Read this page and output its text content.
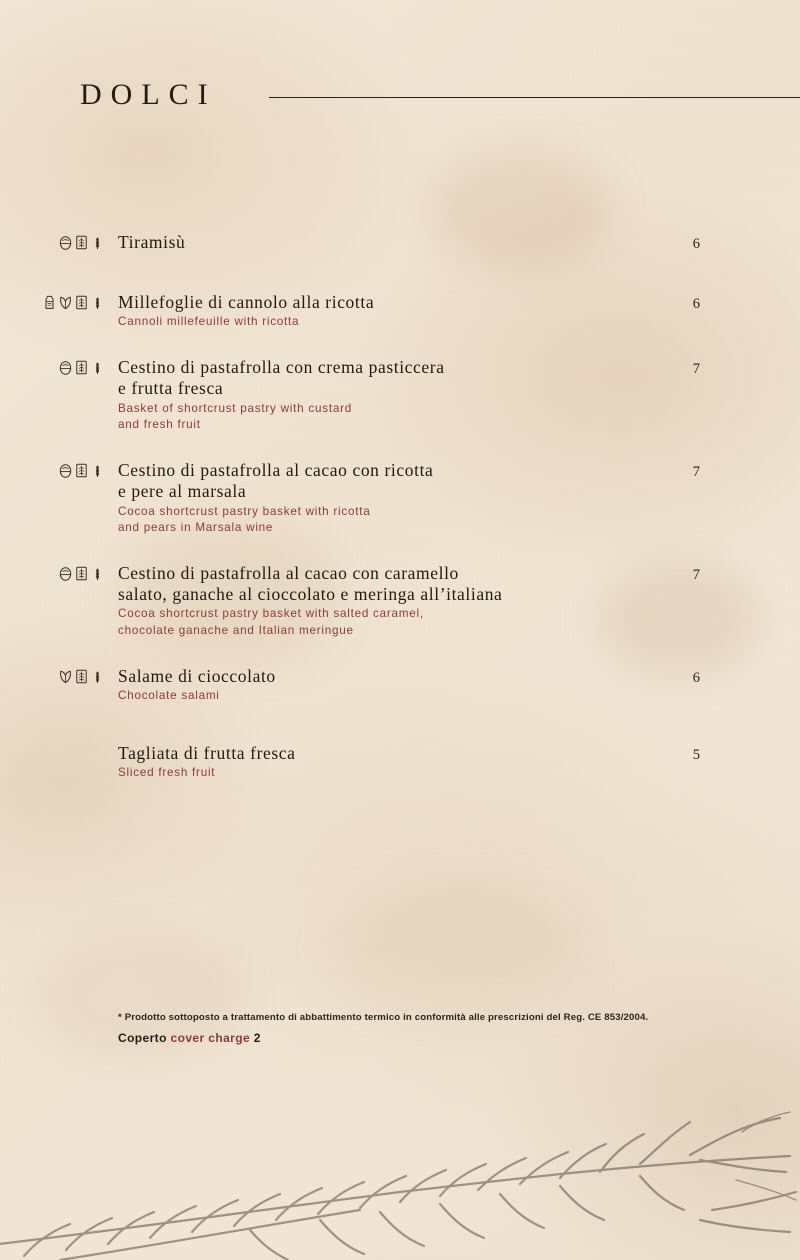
DOLCI
Tiramisù	6
Millefoglie di cannolo alla ricotta
Cannoli millefeuille with ricotta
6
Cestino di pastafrolla con crema pasticcera
e frutta fresca
Basket of shortcrust pastry with custard
and fresh fruit
7
Cestino di pastafrolla al cacao con ricotta
e pere al marsala
Cocoa shortcrust pastry basket with ricotta
and pears in Marsala wine
7
Cestino di pastafrolla al cacao con caramello
salato, ganache al cioccolato e meringa all’italiana
Cocoa shortcrust pastry basket with salted caramel,
chocolate ganache and Italian meringue
7
Salame di cioccolato
Chocolate salami
6
Tagliata di frutta fresca
Sliced fresh fruit
5
* Prodotto sottoposto a trattamento di abbattimento termico in conformità alle prescrizioni del Reg. CE 853/2004.
Coperto cover charge 2
